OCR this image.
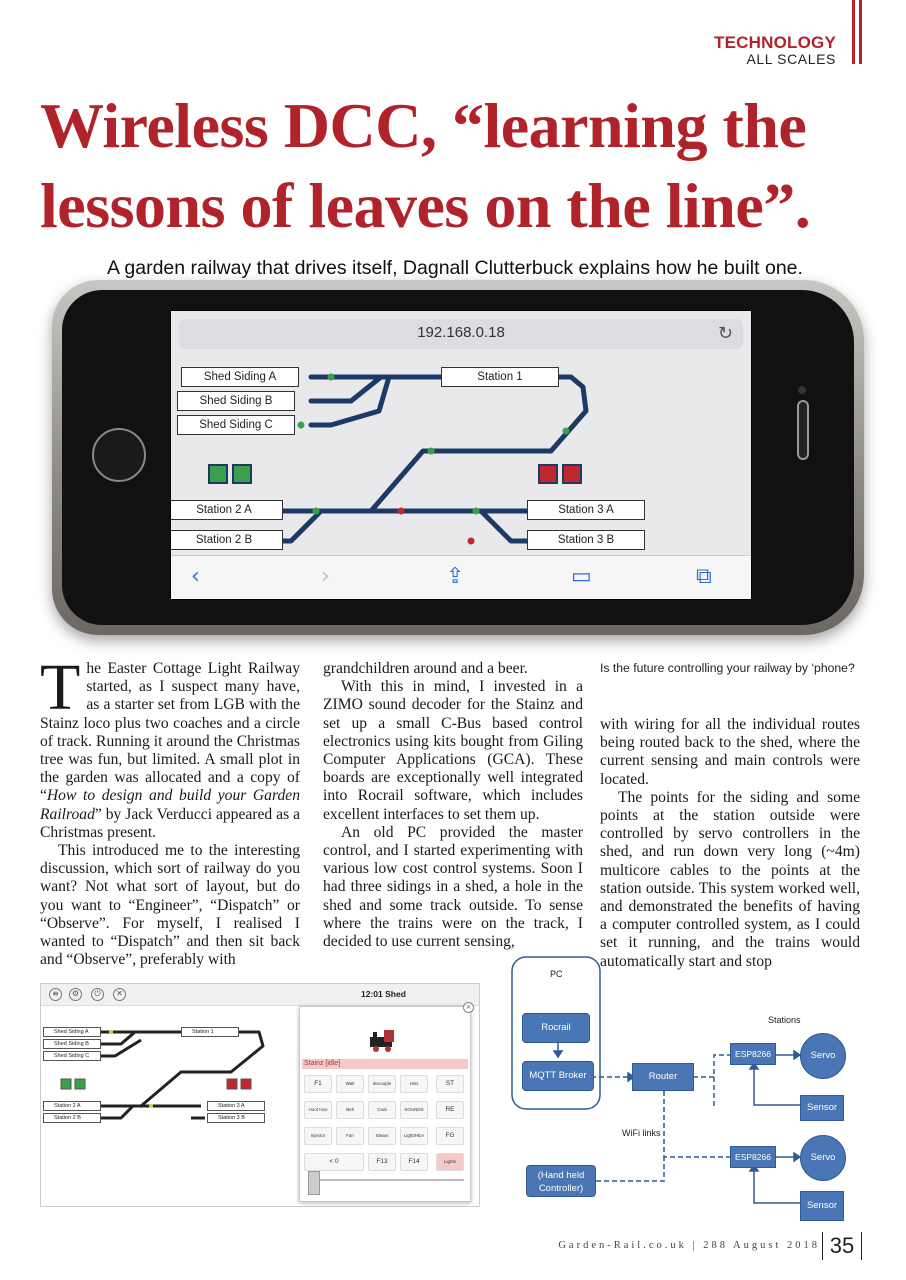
TECHNOLOGY
ALL SCALES
Wireless DCC, “learning the lessons of leaves on the line”.
A garden railway that drives itself, Dagnall Clutterbuck explains how he built one.
192.168.0.18	↻
Shed Siding A
Shed Siding B
Shed Siding C
Station 1
Station 2 A
Station 2 B
Station 3 A
Station 3 B
‹	›	⇪	▭	⧉

The Easter Cottage Light Railway started, as I suspect many have, as a starter set from LGB with the Stainz loco plus two coaches and a circle of track. Running it around the Christmas tree was fun, but limited. A small plot in the garden was allocated and a copy of “How to design and build your Garden Railroad” by Jack Verducci appeared as a Christmas present.

This introduced me to the interesting discussion, which sort of railway do you want? Not what sort of layout, but do you want to “Engineer”, “Dispatch” or “Observe”. For myself, I realised I wanted to “Dispatch” and then sit back and “Observe”, preferably with

grandchildren around and a beer.

With this in mind, I invested in a ZIMO sound decoder for the Stainz and set up a small C-Bus based control electronics using kits bought from Giling Computer Applications (GCA). These boards are exceptionally well integrated into Rocrail software, which includes excellent interfaces to set them up.

An old PC provided the master control, and I started experimenting with various low cost control systems. Soon I had three sidings in a shed, a hole in the shed and some track outside. To sense where the trains were on the track, I decided to use current sensing,

Is the future controlling your railway by ‘phone?

with wiring for all the individual routes being routed back to the shed, where the current sensing and main controls were located.

The points for the siding and some points at the station outside were controlled by servo controllers in the shed, and run down very long (~4m) multicore cables to the points at the station outside. This system worked well, and demonstrated the benefits of having a computer controlled system, as I could set it running, and the trains would automatically start and stop

≡	⚙	⏻	✕	12:01 Shed
Shed Siding A
Shed Siding B
Shed Siding C
Station 1
Station 2 A
Station 2 B
Station 3 A
Station 3 B
×
Stainz [idle]
F1	Wait	decouple	Hiss	ST
Hoot Hoo	Bell	Coal	SOUNDS	RE
Injector	Fan	Steam	Light/HEA	FG
< 0	F13	F14	Lights
PC
Rocrail
MQTT Broker	Router
Stations
ESP8266	Servo
Sensor
WiFi links
ESP8266	Servo
Sensor
(Hand held Controller)
Garden-Rail.co.uk | 288 August 2018 35
